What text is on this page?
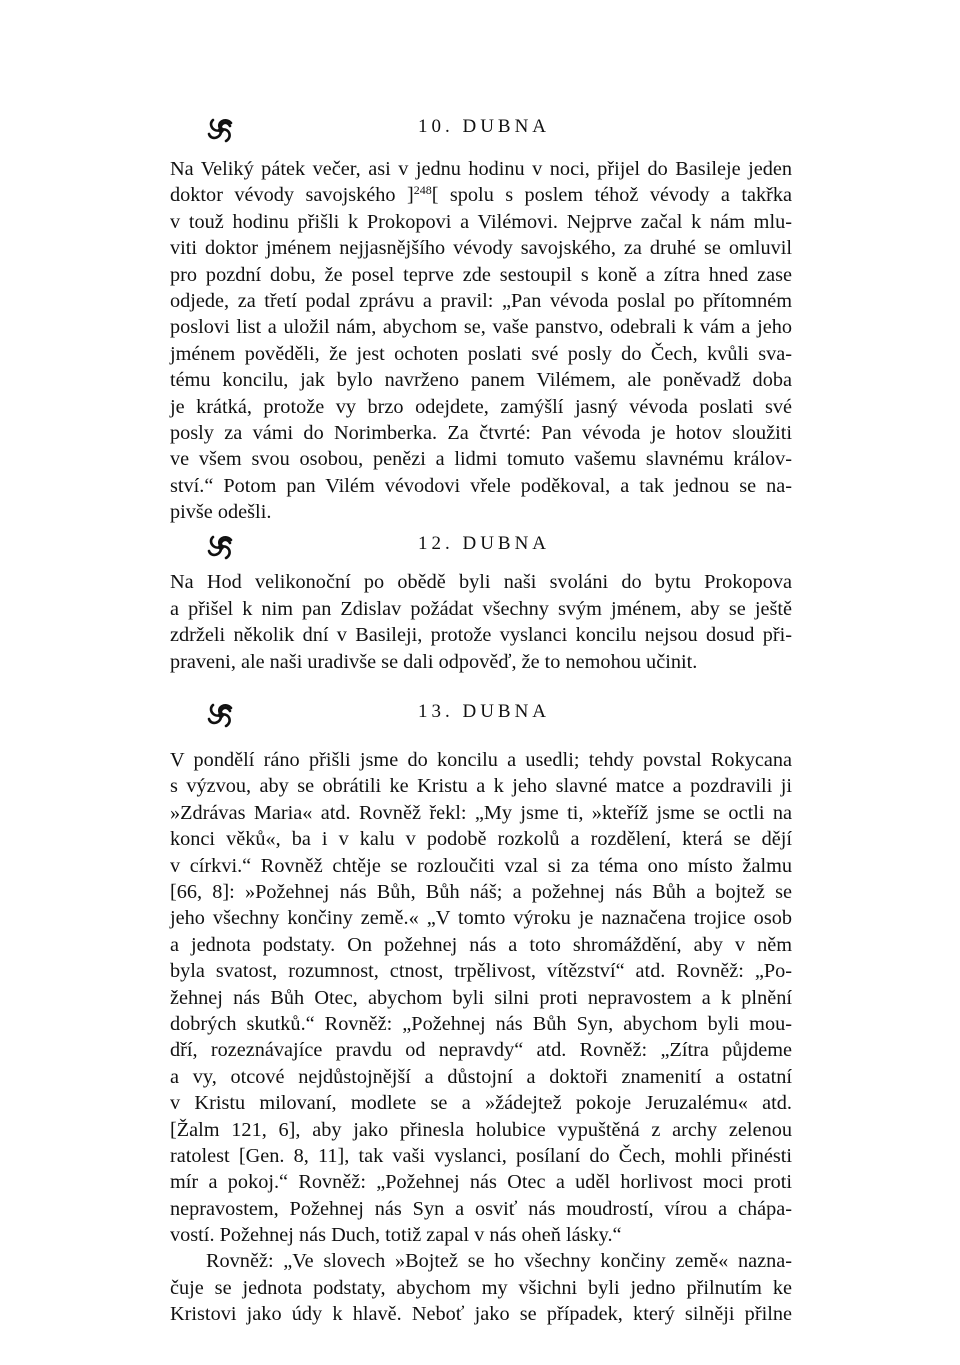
10. DUBNA
Na Veliký pátek večer, asi v jednu hodinu v noci, přijel do Basileje jeden
doktor vévody savojského ]$^{248}$[ spolu s poslem téhož vévody a takřka
v touž hodinu přišli k Prokopovi a Vilémovi. Nejprve začal k nám mlu-
viti doktor jménem nejjasnějšího vévody savojského, za druhé se omluvil
pro pozdní dobu, že posel teprve zde sestoupil s koně a zítra hned zase
odjede, za třetí podal zprávu a pravil: „Pan vévoda poslal po přítomném
poslovi list a uložil nám, abychom se, vaše panstvo, odebrali k vám a jeho
jménem pověděli, že jest ochoten poslati své posly do Čech, kvůli sva-
tému koncilu, jak bylo navrženo panem Vilémem, ale poněvadž doba
je krátká, protože vy brzo odejdete, zamýšlí jasný vévoda poslati své
posly za vámi do Norimberka. Za čtvrté: Pan vévoda je hotov sloužiti
ve všem svou osobou, penězi a lidmi tomuto vašemu slavnému králov-
ství.“ Potom pan Vilém vévodovi vřele poděkoval, a tak jednou se na-
pivše odešli.
12. DUBNA
Na Hod velikonoční po obědě byli naši svoláni do bytu Prokopova
a přišel k nim pan Zdislav požádat všechny svým jménem, aby se ještě
zdrželi několik dní v Basileji, protože vyslanci koncilu nejsou dosud při-
praveni, ale naši uradivše se dali odpověď, že to nemohou učinit.
13. DUBNA
V pondělí ráno přišli jsme do koncilu a usedli; tehdy povstal Rokycana
s výzvou, aby se obrátili ke Kristu a k jeho slavné matce a pozdravili ji
»Zdrávas Maria« atd. Rovněž řekl: „My jsme ti, »kteříž jsme se octli na
konci věků«, ba i v kalu v podobě rozkolů a rozdělení, která se dějí
v církvi.“ Rovněž chtěje se rozloučiti vzal si za téma ono místo žalmu
[66, 8]: »Požehnej nás Bůh, Bůh náš; a požehnej nás Bůh a bojtež se
jeho všechny končiny země.« „V tomto výroku je naznačena trojice osob
a jednota podstaty. On požehnej nás a toto shromáždění, aby v něm
byla svatost, rozumnost, ctnost, trpělivost, vítězství“ atd. Rovněž: „Po-
žehnej nás Bůh Otec, abychom byli silni proti nepravostem a k plnění
dobrých skutků.“ Rovněž: „Požehnej nás Bůh Syn, abychom byli mou-
dří, rozeznávajíce pravdu od nepravdy“ atd. Rovněž: „Zítra půjdeme
a vy, otcové nejdůstojnější a důstojní a doktoři znamenití a ostatní
v Kristu milovaní, modlete se a »žádejtež pokoje Jeruzalému« atd.
[Žalm 121, 6], aby jako přinesla holubice vypuštěná z archy zelenou
ratolest [Gen. 8, 11], tak vaši vyslanci, posílaní do Čech, mohli přinésti
mír a pokoj.“ Rovněž: „Požehnej nás Otec a uděl horlivost moci proti
nepravostem, Požehnej nás Syn a osviť nás moudrostí, vírou a chápa-
vostí. Požehnej nás Duch, totiž zapal v nás oheň lásky.“
Rovněž: „Ve slovech »Bojtež se ho všechny končiny země« nazna-
čuje se jednota podstaty, abychom my všichni byli jedno přilnutím ke
Kristovi jako údy k hlavě. Neboť jako se případek, který silněji přilne
